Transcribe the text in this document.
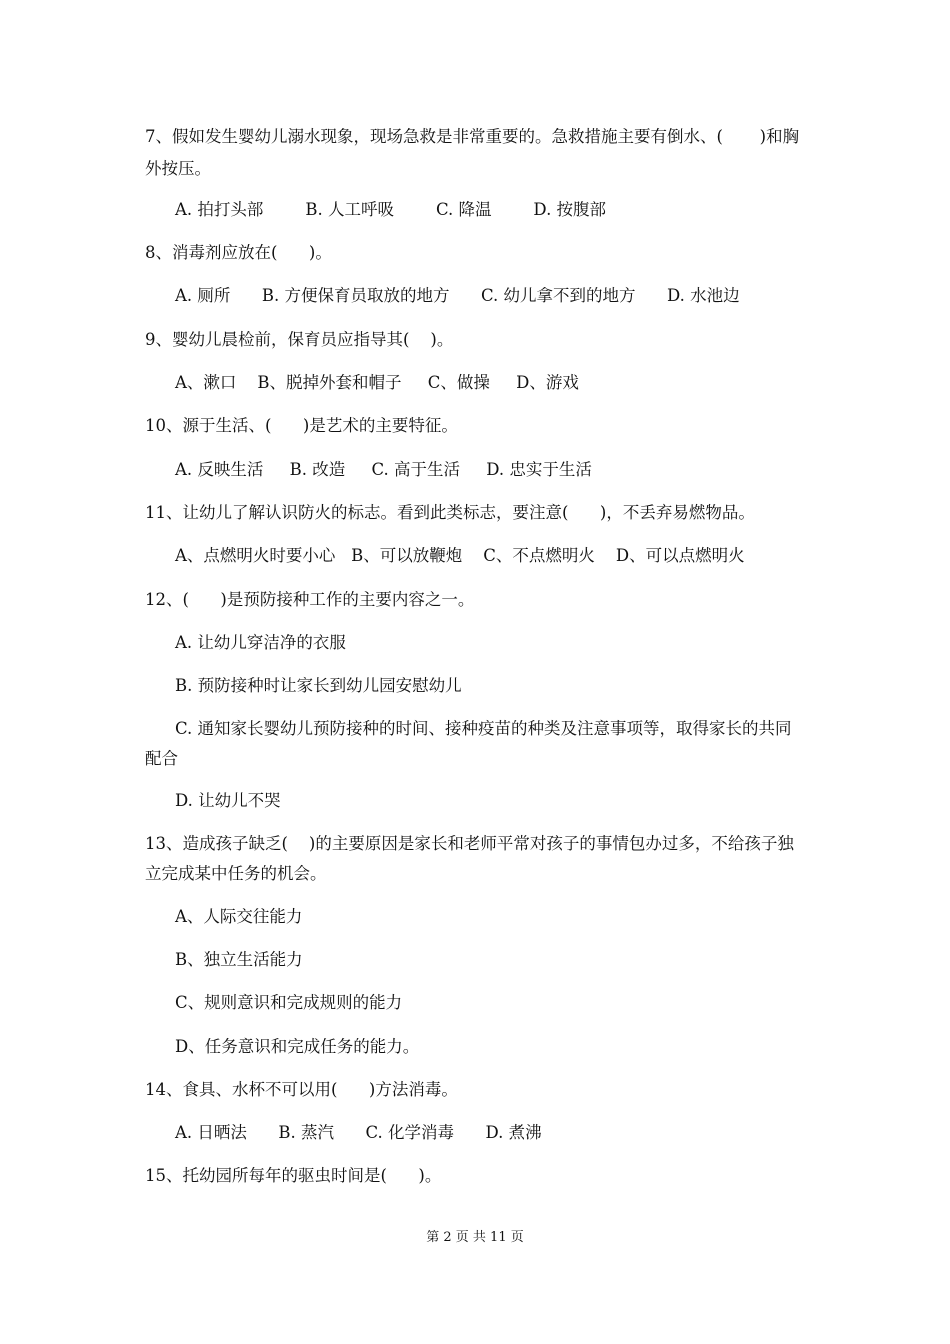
7、假如发生婴幼儿溺水现象，现场急救是非常重要的。急救措施主要有倒水、(       )和胸
外按压。
A. 拍打头部        B. 人工呼吸        C. 降温        D. 按腹部
8、消毒剂应放在(      )。
A. 厕所      B. 方便保育员取放的地方      C. 幼儿拿不到的地方      D. 水池边
9、婴幼儿晨检前，保育员应指导其(    )。
A、漱口    B、脱掉外套和帽子     C、做操     D、游戏
10、源于生活、(      )是艺术的主要特征。
A. 反映生活     B. 改造     C. 高于生活     D. 忠实于生活
11、让幼儿了解认识防火的标志。看到此类标志，要注意(      )，不丢弃易燃物品。
A、点燃明火时要小心   B、可以放鞭炮    C、不点燃明火    D、可以点燃明火
12、(      )是预防接种工作的主要内容之一。
A. 让幼儿穿洁净的衣服
B. 预防接种时让家长到幼儿园安慰幼儿
C. 通知家长婴幼儿预防接种的时间、接种疫苗的种类及注意事项等，取得家长的共同
配合
D. 让幼儿不哭
13、造成孩子缺乏(    )的主要原因是家长和老师平常对孩子的事情包办过多，不给孩子独
立完成某中任务的机会。
A、人际交往能力
B、独立生活能力
C、规则意识和完成规则的能力
D、任务意识和完成任务的能力。
14、食具、水杯不可以用(      )方法消毒。
A. 日晒法      B. 蒸汽      C. 化学消毒      D. 煮沸
15、托幼园所每年的驱虫时间是(      )。
第 2 页 共 11 页
